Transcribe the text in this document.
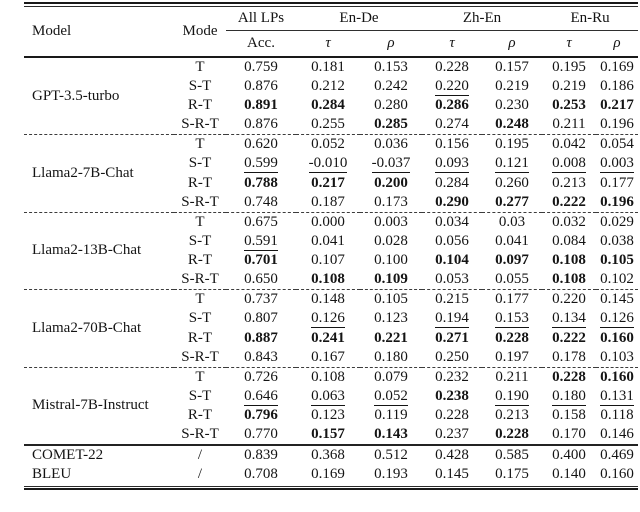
Model	Mode	All LPs	En-De		Zh-En		En-Ru	
		Acc.	τ	ρ	τ	ρ	τ	ρ
GPT-3.5-turbo	T	0.759	0.181	0.153	0.228	0.157	0.195	0.169
	S-T	0.876	0.212	0.242	0.220	0.219	0.219	0.186
	R-T	0.891	0.284	0.280	0.286	0.230	0.253	0.217
	S-R-T	0.876	0.255	0.285	0.274	0.248	0.211	0.196
Llama2-7B-Chat	T	0.620	0.052	0.036	0.156	0.195	0.042	0.054
	S-T	0.599	-0.010	-0.037	0.093	0.121	0.008	0.003
	R-T	0.788	0.217	0.200	0.284	0.260	0.213	0.177
	S-R-T	0.748	0.187	0.173	0.290	0.277	0.222	0.196
Llama2-13B-Chat	T	0.675	0.000	0.003	0.034	0.03	0.032	0.029
	S-T	0.591	0.041	0.028	0.056	0.041	0.084	0.038
	R-T	0.701	0.107	0.100	0.104	0.097	0.108	0.105
	S-R-T	0.650	0.108	0.109	0.053	0.055	0.108	0.102
Llama2-70B-Chat	T	0.737	0.148	0.105	0.215	0.177	0.220	0.145
	S-T	0.807	0.126	0.123	0.194	0.153	0.134	0.126
	R-T	0.887	0.241	0.221	0.271	0.228	0.222	0.160
	S-R-T	0.843	0.167	0.180	0.250	0.197	0.178	0.103
Mistral-7B-Instruct	T	0.726	0.108	0.079	0.232	0.211	0.228	0.160
	S-T	0.646	0.063	0.052	0.238	0.190	0.180	0.131
	R-T	0.796	0.123	0.119	0.228	0.213	0.158	0.118
	S-R-T	0.770	0.157	0.143	0.237	0.228	0.170	0.146
COMET-22	/	0.839	0.368	0.512	0.428	0.585	0.400	0.469
BLEU	/	0.708	0.169	0.193	0.145	0.175	0.140	0.160
